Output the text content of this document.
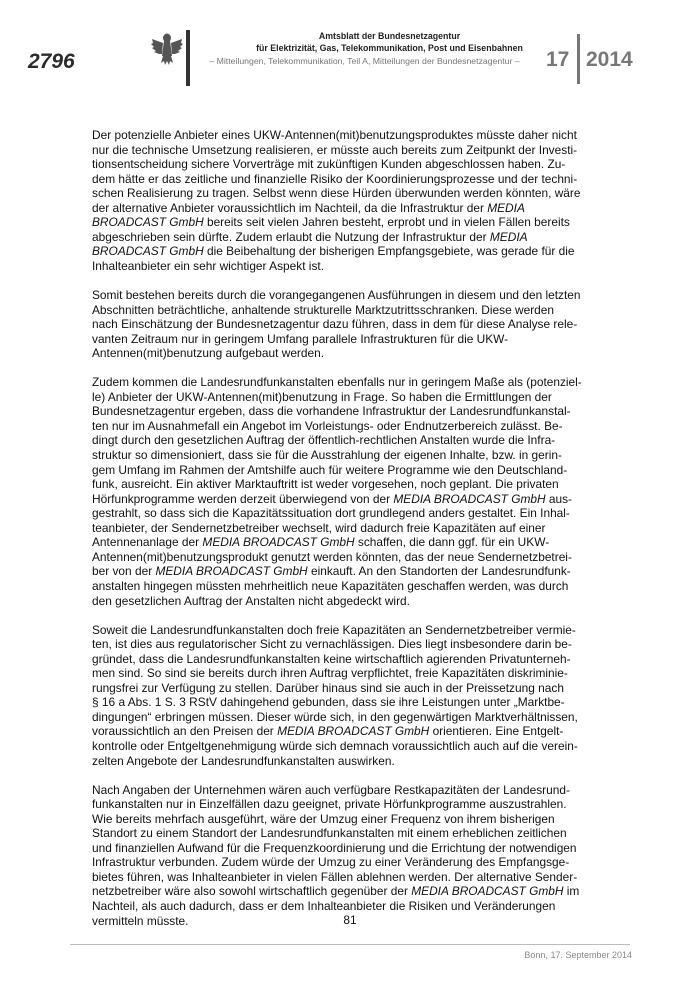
2796
Amtsblatt der Bundesnetzagentur
für Elektrizität, Gas, Telekommunikation, Post und Eisenbahnen
– Mitteilungen, Telekommunikation, Teil A, Mitteilungen der Bundesnetzagentur –	17 2014

Der potenzielle Anbieter eines UKW-Antennen(mit)benutzungsproduktes müsste daher nicht
nur die technische Umsetzung realisieren, er müsste auch bereits zum Zeitpunkt der Investi-
tionsentscheidung sichere Vorverträge mit zukünftigen Kunden abgeschlossen haben. Zu-
dem hätte er das zeitliche und finanzielle Risiko der Koordinierungsprozesse und der techni-
schen Realisierung zu tragen. Selbst wenn diese Hürden überwunden werden könnten, wäre
der alternative Anbieter voraussichtlich im Nachteil, da die Infrastruktur der MEDIA
BROADCAST GmbH bereits seit vielen Jahren besteht, erprobt und in vielen Fällen bereits
abgeschrieben sein dürfte. Zudem erlaubt die Nutzung der Infrastruktur der MEDIA
BROADCAST GmbH die Beibehaltung der bisherigen Empfangsgebiete, was gerade für die
Inhalteanbieter ein sehr wichtiger Aspekt ist.

Somit bestehen bereits durch die vorangegangenen Ausführungen in diesem und den letzten
Abschnitten beträchtliche, anhaltende strukturelle Marktzutrittsschranken. Diese werden
nach Einschätzung der Bundesnetzagentur dazu führen, dass in dem für diese Analyse rele-
vanten Zeitraum nur in geringem Umfang parallele Infrastrukturen für die UKW-
Antennen(mit)benutzung aufgebaut werden.

Zudem kommen die Landesrundfunkanstalten ebenfalls nur in geringem Maße als (potenziel-
le) Anbieter der UKW-Antennen(mit)benutzung in Frage. So haben die Ermittlungen der
Bundesnetzagentur ergeben, dass die vorhandene Infrastruktur der Landesrundfunkanstal-
ten nur im Ausnahmefall ein Angebot im Vorleistungs- oder Endnutzerbereich zulässt. Be-
dingt durch den gesetzlichen Auftrag der öffentlich-rechtlichen Anstalten wurde die Infra-
struktur so dimensioniert, dass sie für die Ausstrahlung der eigenen Inhalte, bzw. in gerin-
gem Umfang im Rahmen der Amtshilfe auch für weitere Programme wie den Deutschland-
funk, ausreicht. Ein aktiver Marktauftritt ist weder vorgesehen, noch geplant. Die privaten
Hörfunkprogramme werden derzeit überwiegend von der MEDIA BROADCAST GmbH aus-
gestrahlt, so dass sich die Kapazitätssituation dort grundlegend anders gestaltet. Ein Inhal-
teanbieter, der Sendernetzbetreiber wechselt, wird dadurch freie Kapazitäten auf einer
Antennenanlage der MEDIA BROADCAST GmbH schaffen, die dann ggf. für ein UKW-
Antennen(mit)benutzungsprodukt genutzt werden könnten, das der neue Sendernetzbetrei-
ber von der MEDIA BROADCAST GmbH einkauft. An den Standorten der Landesrundfunk-
anstalten hingegen müssten mehrheitlich neue Kapazitäten geschaffen werden, was durch
den gesetzlichen Auftrag der Anstalten nicht abgedeckt wird.

Soweit die Landesrundfunkanstalten doch freie Kapazitäten an Sendernetzbetreiber vermie-
ten, ist dies aus regulatorischer Sicht zu vernachlässigen. Dies liegt insbesondere darin be-
gründet, dass die Landesrundfunkanstalten keine wirtschaftlich agierenden Privatunterneh-
men sind. So sind sie bereits durch ihren Auftrag verpflichtet, freie Kapazitäten diskriminie-
rungsfrei zur Verfügung zu stellen. Darüber hinaus sind sie auch in der Preissetzung nach
§ 16 a Abs. 1 S. 3 RStV dahingehend gebunden, dass sie ihre Leistungen unter „Marktbe-
dingungen“ erbringen müssen. Dieser würde sich, in den gegenwärtigen Marktverhältnissen,
voraussichtlich an den Preisen der MEDIA BROADCAST GmbH orientieren. Eine Entgelt-
kontrolle oder Entgeltgenehmigung würde sich demnach voraussichtlich auch auf die verein-
zelten Angebote der Landesrundfunkanstalten auswirken.

Nach Angaben der Unternehmen wären auch verfügbare Restkapazitäten der Landesrund-
funkanstalten nur in Einzelfällen dazu geeignet, private Hörfunkprogramme auszustrahlen.
Wie bereits mehrfach ausgeführt, wäre der Umzug einer Frequenz von ihrem bisherigen
Standort zu einem Standort der Landesrundfunkanstalten mit einem erheblichen zeitlichen
und finanziellen Aufwand für die Frequenzkoordinierung und die Errichtung der notwendigen
Infrastruktur verbunden. Zudem würde der Umzug zu einer Veränderung des Empfangsge-
bietes führen, was Inhalteanbieter in vielen Fällen ablehnen werden. Der alternative Sender-
netzbetreiber wäre also sowohl wirtschaftlich gegenüber der MEDIA BROADCAST GmbH im
Nachteil, als auch dadurch, dass er dem Inhalteanbieter die Risiken und Veränderungen
vermitteln müsste.	81
Bonn, 17. September 2014
